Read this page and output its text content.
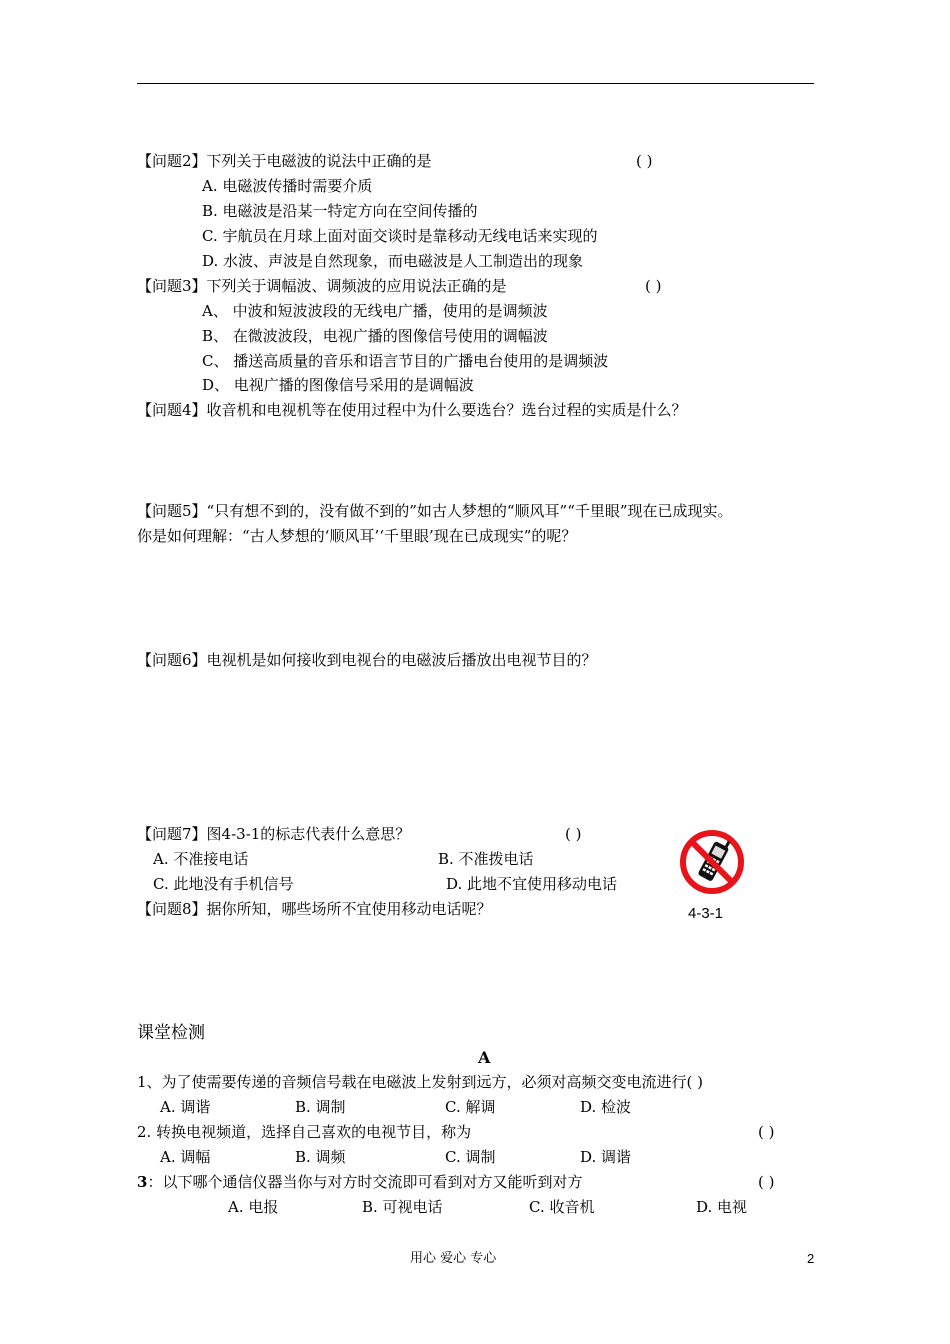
【问题2】下列关于电磁波的说法中正确的是	( )
A. 电磁波传播时需要介质
B. 电磁波是沿某一特定方向在空间传播的
C. 宇航员在月球上面对面交谈时是靠移动无线电话来实现的
D. 水波、声波是自然现象，而电磁波是人工制造出的现象
【问题3】下列关于调幅波、调频波的应用说法正确的是	( )
A、 中波和短波波段的无线电广播，使用的是调频波
B、 在微波波段，电视广播的图像信号使用的调幅波
C、 播送高质量的音乐和语言节目的广播电台使用的是调频波
D、 电视广播的图像信号采用的是调幅波
【问题4】收音机和电视机等在使用过程中为什么要选台？选台过程的实质是什么？
【问题5】“只有想不到的，没有做不到的”如古人梦想的“顺风耳”“千里眼”现在已成现实。
你是如何理解：“古人梦想的‘顺风耳’‘千里眼’现在已成现实”的呢？
【问题6】电视机是如何接收到电视台的电磁波后播放出电视节目的？
【问题7】图4-3-1的标志代表什么意思？	( )
A. 不准接电话	B. 不准拨电话
C. 此地没有手机信号	D. 此地不宜使用移动电话
4-3-1
【问题8】据你所知，哪些场所不宜使用移动电话呢？
课堂检测
A
1、为了使需要传递的音频信号载在电磁波上发射到远方，必须对高频交变电流进行( )
A. 调谐	B. 调制	C. 解调	D. 检波
2. 转换电视频道，选择自己喜欢的电视节目，称为	( )
A. 调幅	B. 调频	C. 调制	D. 调谐
3：以下哪个通信仪器当你与对方时交流即可看到对方又能听到对方	( )
A. 电报	B. 可视电话	C. 收音机	D. 电视
用心 爱心 专心	2
